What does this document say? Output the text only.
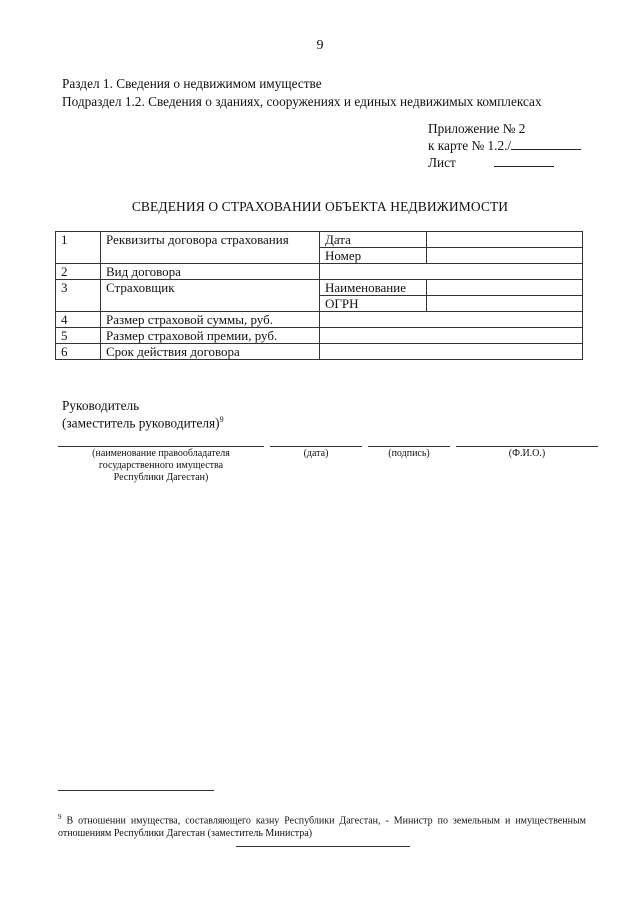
9
Раздел 1. Сведения о недвижимом имуществе
Подраздел 1.2. Сведения о зданиях, сооружениях и единых недвижимых комплексах
Приложение № 2
к карте № 1.2./
Лист
СВЕДЕНИЯ О СТРАХОВАНИИ ОБЪЕКТА НЕДВИЖИМОСТИ
1	Реквизиты договора страхования	Дата	
		Номер	
2	Вид договора		
3	Страховщик	Наименование	
		ОГРН	
4	Размер страховой суммы, руб.		
5	Размер страховой премии, руб.		
6	Срок действия договора		
Руководитель
(заместитель руководителя)$^9$
(наименование правообладателя
государственного имущества
Республики Дагестан)
(дата)	(подпись)	(Ф.И.О.)
$^9$ В отношении имущества, составляющего казну Республики Дагестан, - Министр по земельным и имущественным отношениям Республики Дагестан (заместитель Министра)
